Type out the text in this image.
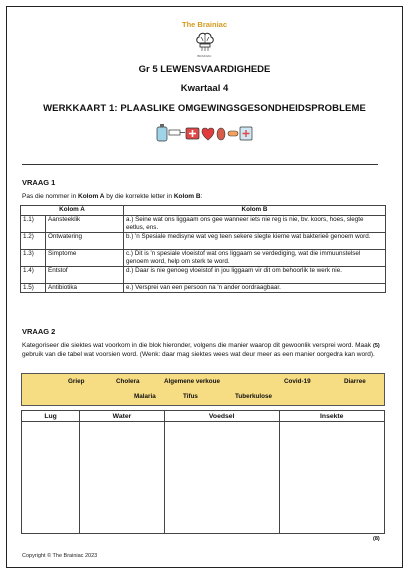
The Brainiac
BRAINIAC
Gr 5 LEWENSVAARDIGHEDE
Kwartaal 4
WERKKAART 1: PLAASLIKE OMGEWINGSGESONDHEIDSPROBLEME
VRAAG 1
Pas die nommer in Kolom A by die korrekte letter in Kolom B:
Kolom A		Kolom B
1.1)	Aansteeklik	a.) Seine wat ons liggaam ons gee wanneer iets nie reg is nie, bv. koors, hoes, slegte eetlus, ens.
1.2)	Ontwatering	b.) 'n Spesiale medisyne wat veg teen sekere slegte kieme wat bakterieë genoem word.
1.3)	Simptome	c.) Dit is 'n spesiale vloeistof wat ons liggaam se verdediging, wat die immuunstelsel genoem word, help om sterk te word.
1.4)	Entstof	d.) Daar is nie genoeg vloeistof in jou liggaam vir dit om behoorlik te werk nie.
1.5)	Antibiotika	e.) Versprei van een persoon na 'n ander oordraagbaar.
(5)
VRAAG 2
Kategoriseer die siektes wat voorkom in die blok hieronder, volgens die manier waarop dit gewoonlik versprei word. Maak gebruik van die tabel wat voorsien word. (Wenk: daar mag siektes wees wat deur meer as een manier oorgedra kan word).
Griep	Cholera	Algemene verkoue	Covid-19	Diarree
Malaria	Tifus	Tuberkulose
Lug	Water	Voedsel	Insekte

(8)
Copyright © The Brainiac 2023
